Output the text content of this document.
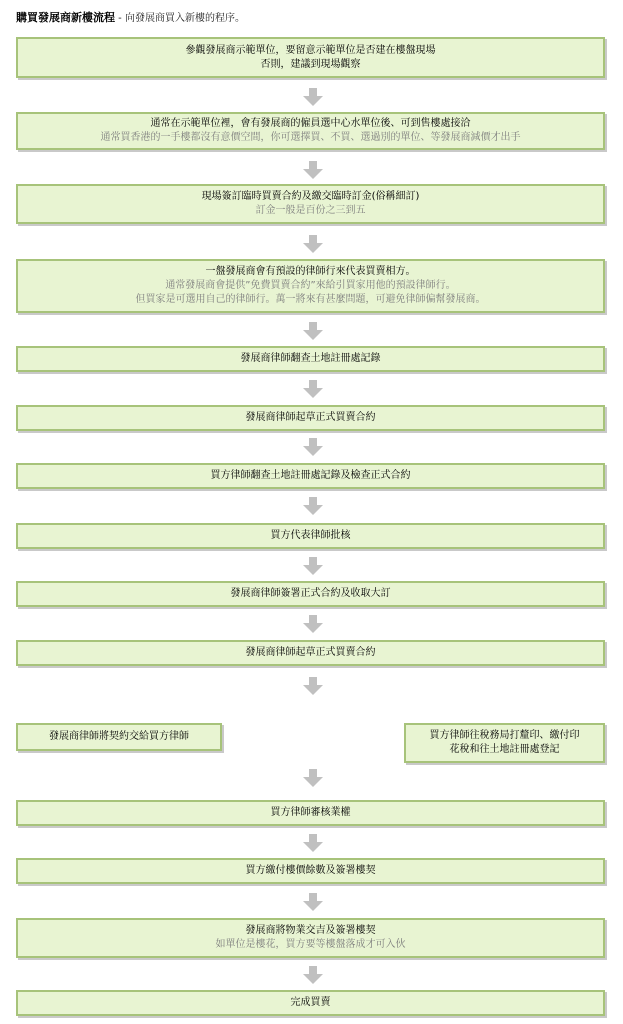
購買發展商新樓流程 - 向發展商買入新樓的程序。
參觀發展商示範單位，要留意示範單位是否建在樓盤現場
否則，建議到現場觀察
通常在示範單位裡，會有發展商的僱員選中心水單位後、可到售樓處接洽
通常買香港的一手樓都沒有意價空間，你可選擇買、不買、選過別的單位、等發展商減價才出手
現場簽訂臨時買賣合約及繳交臨時訂金(俗稱細訂)
訂金一般是百份之三到五
一盤發展商會有預設的律師行來代表買賣相方。
通常發展商會提供”免費買賣合約”來給引買家用他的預設律師行。
但買家是可選用自己的律師行。萬一將來有甚麼問題，可避免律師偏幫發展商。
發展商律師翻查土地註冊處記錄
發展商律師起草正式買賣合約
買方律師翻查土地註冊處記錄及檢查正式合約
買方代表律師批核
發展商律師簽署正式合約及收取大訂
發展商律師起草正式買賣合約
發展商律師將契約交給買方律師	買方律師往稅務局打釐印、繳付印
花稅和往土地註冊處登記
買方律師審核業權
買方繳付樓價餘數及簽署樓契
發展商將物業交吉及簽署樓契
如單位是樓花，買方要等樓盤落成才可入伙
完成買賣
